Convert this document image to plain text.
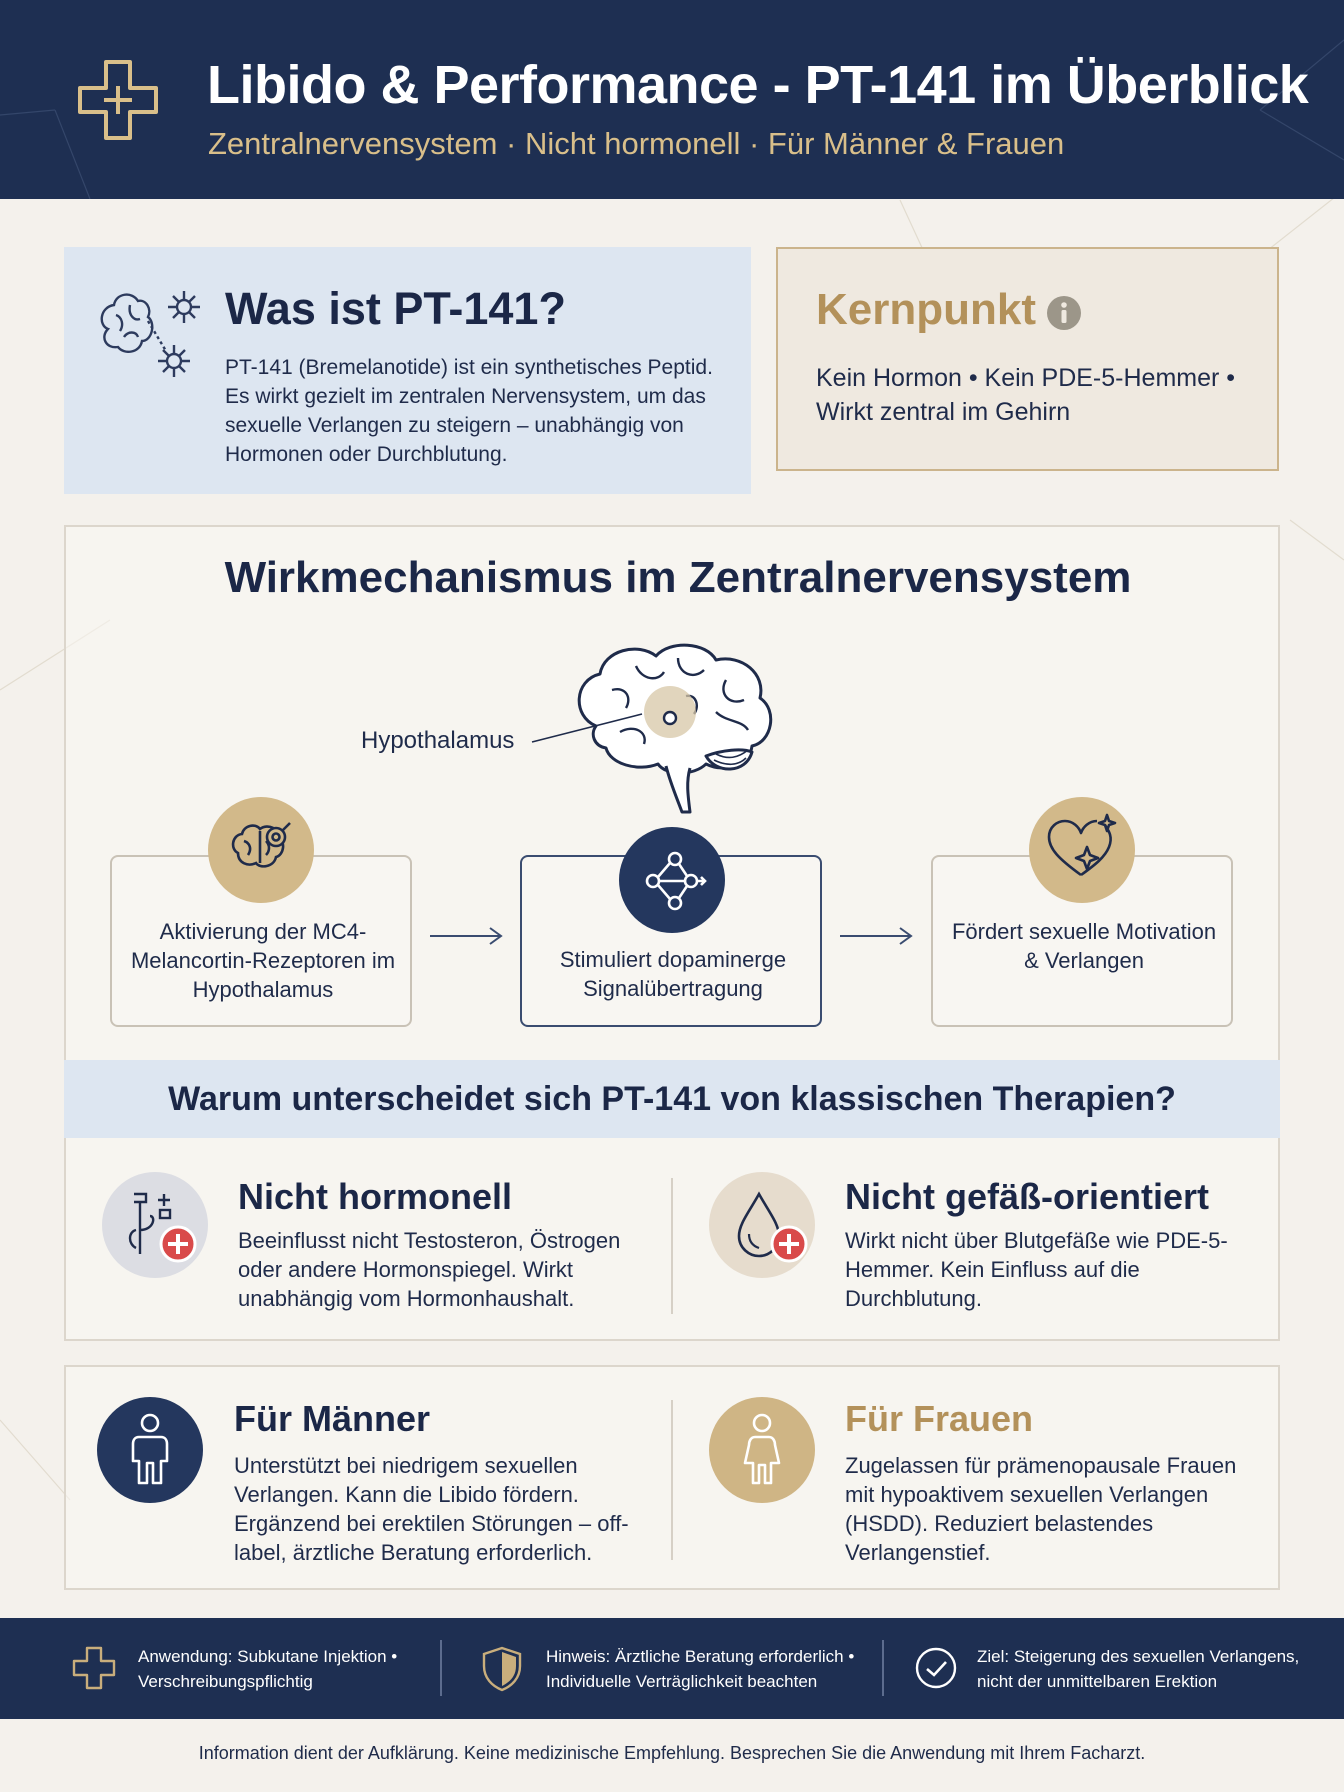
Libido & Performance - PT-141 im Überblick
Zentralnervensystem · Nicht hormonell · Für Männer & Frauen
Was ist PT-141?
PT-141 (Bremelanotide) ist ein synthetisches Peptid. Es wirkt gezielt im zentralen Nervensystem, um das sexuelle Verlangen zu steigern – unabhängig von Hormonen oder Durchblutung.
Kernpunkt
Kein Hormon • Kein PDE-5-Hemmer • Wirkt zentral im Gehirn
Wirkmechanismus im Zentralnervensystem
Hypothalamus
Aktivierung der MC4-Melancortin-Rezeptoren im Hypothalamus
Stimuliert dopaminerge Signalübertragung
Fördert sexuelle Motivation & Verlangen
Warum unterscheidet sich PT-141 von klassischen Therapien?
Nicht hormonell
Beeinflusst nicht Testosteron, Östrogen oder andere Hormonspiegel. Wirkt unabhängig vom Hormonhaushalt.
Nicht gefäß-orientiert
Wirkt nicht über Blutgefäße wie PDE-5-Hemmer. Kein Einfluss auf die Durchblutung.
Für Männer
Unterstützt bei niedrigem sexuellen Verlangen. Kann die Libido fördern. Ergänzend bei erektilen Störungen – off-label, ärztliche Beratung erforderlich.
Für Frauen
Zugelassen für prämenopausale Frauen mit hypoaktivem sexuellen Verlangen (HSDD). Reduziert belastendes Verlangenstief.
Anwendung: Subkutane Injektion • Verschreibungspflichtig
Hinweis: Ärztliche Beratung erforderlich • Individuelle Verträglichkeit beachten
Ziel: Steigerung des sexuellen Verlangens, nicht der unmittelbaren Erektion
Information dient der Aufklärung. Keine medizinische Empfehlung. Besprechen Sie die Anwendung mit Ihrem Facharzt.
